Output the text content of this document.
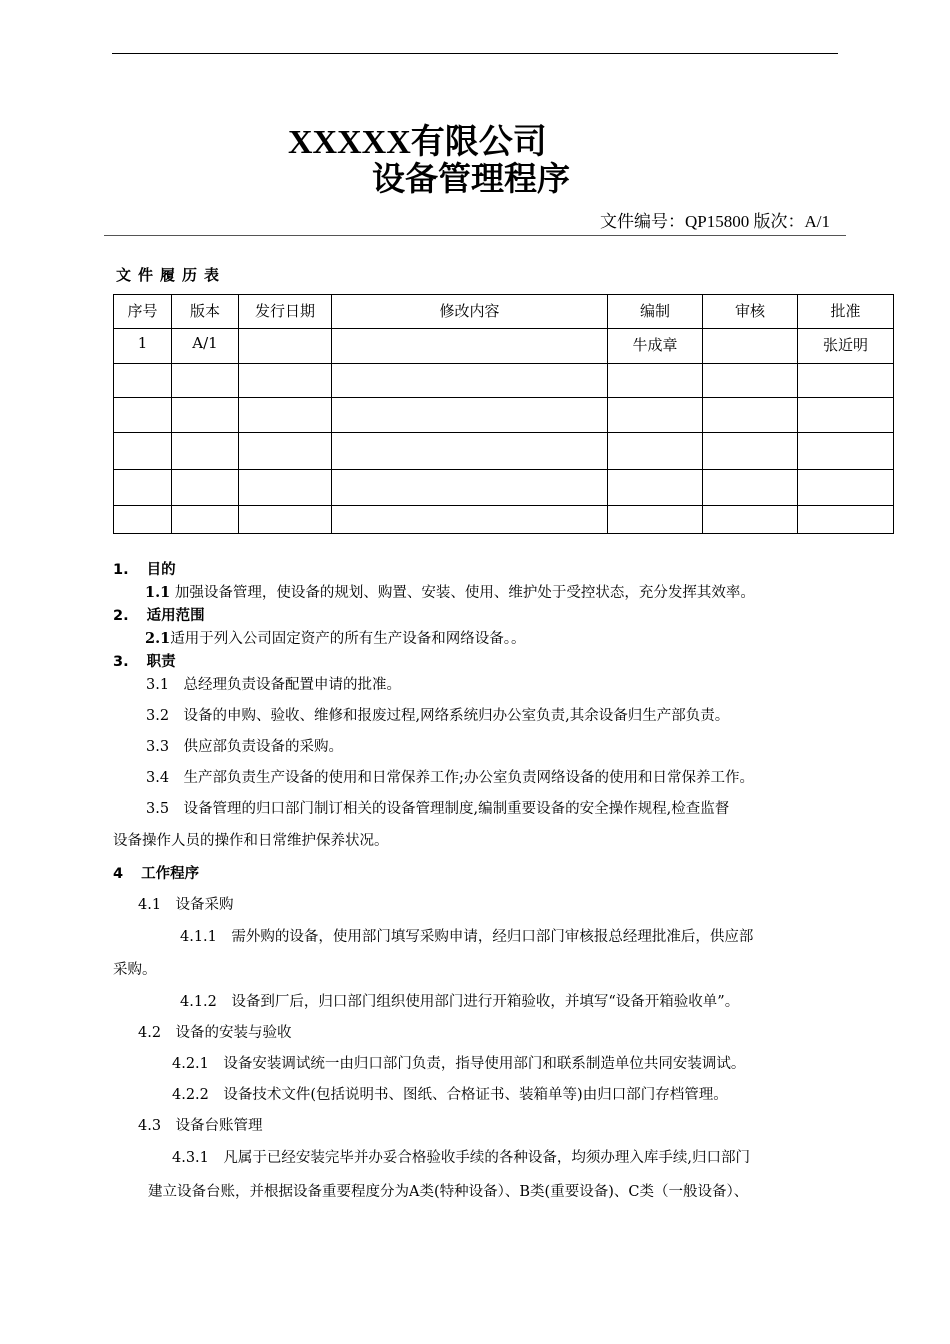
XXXXX有限公司
设备管理程序
文件编号：QP15800 版次：A/1
文件履历表
序号	版本	发行日期	修改内容	编制	审核	批准
1	A/1			牛成章		张近明

1. 目的
1.1 加强设备管理，使设备的规划、购置、安装、使用、维护处于受控状态，充分发挥其效率。
2. 适用范围
2.1适用于列入公司固定资产的所有生产设备和网络设备。。
3. 职责
3.1　总经理负责设备配置申请的批准。
3.2　设备的申购、验收、维修和报废过程,网络系统归办公室负责,其余设备归生产部负责。
3.3　供应部负责设备的采购。
3.4　生产部负责生产设备的使用和日常保养工作;办公室负责网络设备的使用和日常保养工作。
3.5　设备管理的归口部门制订相关的设备管理制度,编制重要设备的安全操作规程,检查监督
设备操作人员的操作和日常维护保养状况。
4 工作程序
4.1　设备采购
4.1.1　需外购的设备，使用部门填写采购申请，经归口部门审核报总经理批准后，供应部
采购。
4.1.2　设备到厂后，归口部门组织使用部门进行开箱验收，并填写“设备开箱验收单”。
4.2　设备的安装与验收
4.2.1　设备安装调试统一由归口部门负责，指导使用部门和联系制造单位共同安装调试。
4.2.2　设备技术文件(包括说明书、图纸、合格证书、装箱单等)由归口部门存档管理。
4.3　设备台账管理
4.3.1　凡属于已经安装完毕并办妥合格验收手续的各种设备，均须办理入库手续,归口部门
建立设备台账，并根据设备重要程度分为A类(特种设备）、B类(重要设备)、C类（一般设备）、
